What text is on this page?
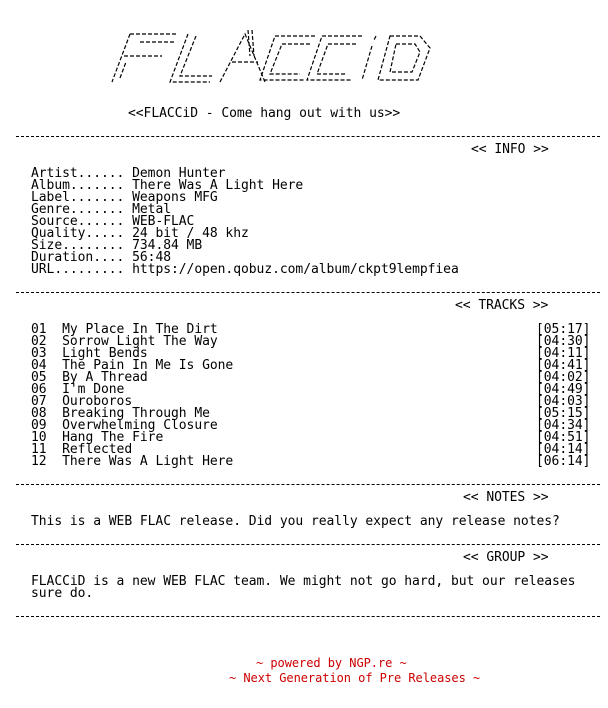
<<FLACCiD - Come hang out with us>>
<< INFO >>
Artist...... Demon Hunter
Album....... There Was A Light Here
Label....... Weapons MFG
Genre....... Metal
Source...... WEB-FLAC
Quality..... 24 bit / 48 khz
Size........ 734.84 MB
Duration.... 56:48
URL......... https://open.qobuz.com/album/ckpt9lempfiea
<< TRACKS >>
01 My Place In The Dirt	[05:17]
02 Sorrow Light The Way	[04:30]
03 Light Bends	[04:11]
04 The Pain In Me Is Gone	[04:41]
05 By A Thread	[04:02]
06 I'm Done	[04:49]
07 Ouroboros	[04:03]
08 Breaking Through Me	[05:15]
09 Overwhelming Closure	[04:34]
10 Hang The Fire	[04:51]
11 Reflected	[04:14]
12 There Was A Light Here	[06:14]
<< NOTES >>
This is a WEB FLAC release. Did you really expect any release notes?
<< GROUP >>
FLACCiD is a new WEB FLAC team. We might not go hard, but our releases
sure do.
~ powered by NGP.re ~
~ Next Generation of Pre Releases ~
